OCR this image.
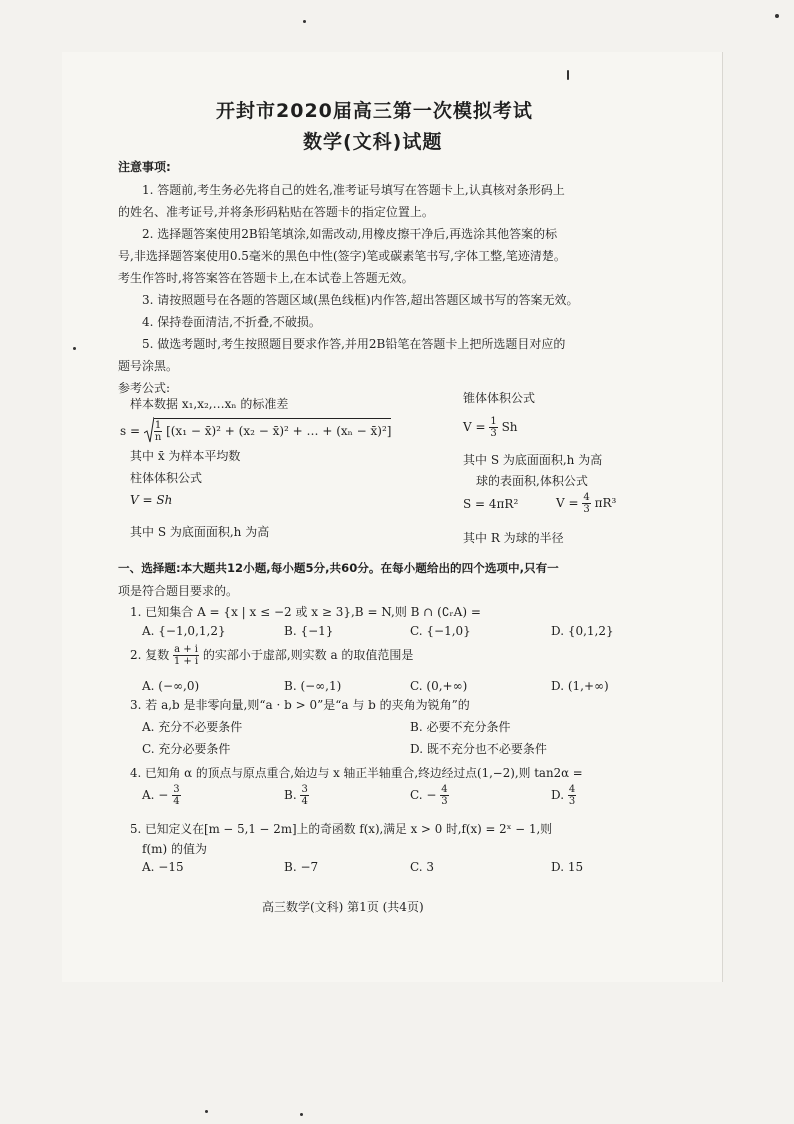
开封市2020届高三第一次模拟考试
数学(文科)试题
注意事项:
1. 答题前,考生务必先将自己的姓名,准考证号填写在答题卡上,认真核对条形码上
的姓名、准考证号,并将条形码粘贴在答题卡的指定位置上。
2. 选择题答案使用2B铅笔填涂,如需改动,用橡皮擦干净后,再选涂其他答案的标
号,非选择题答案使用0.5毫米的黑色中性(签字)笔或碳素笔书写,字体工整,笔迹清楚。
考生作答时,将答案答在答题卡上,在本试卷上答题无效。
3. 请按照题号在各题的答题区域(黑色线框)内作答,超出答题区域书写的答案无效。
4. 保持卷面清洁,不折叠,不破损。
5. 做选考题时,考生按照题目要求作答,并用2B铅笔在答题卡上把所选题目对应的
题号涂黑。
参考公式:
样本数据 x₁,x₂,…xₙ 的标准差
$s = \frac{1}{n} [(x_1$ − x̄)² + (x₂ − x̄)² + … + (xₙ − x̄)²]
其中 x̄ 为样本平均数
柱体体积公式
V = Sh
其中 S 为底面面积,h 为高
锥体体积公式
$V = \frac{1}{3}$ Sh
其中 S 为底面面积,h 为高
球的表面积,体积公式
S = 4πR²	$V = \frac{4}{3} \pi R^3$
其中 R 为球的半径
一、选择题:本大题共12小题,每小题5分,共60分。在每小题给出的四个选项中,只有一
项是符合题目要求的。
1. 已知集合 A = {x | x ≤ −2 或 x ≥ 3},B = N,则 B ∩ (∁ᵣA) =
A. {−1,0,1,2}	B. {−1}	C. {−1,0}	D. {0,1,2}
2. 复数 $\frac{a + i}{1 + i}$ 的实部小于虚部,则实数 a 的取值范围是
A. (−∞,0)	B. (−∞,1)	C. (0,+∞)	D. (1,+∞)
3. 若 a,b 是非零向量,则“a · b > 0”是“a 与 b 的夹角为锐角”的
A. 充分不必要条件	B. 必要不充分条件
C. 充分必要条件	D. 既不充分也不必要条件
4. 已知角 α 的顶点与原点重合,始边与 x 轴正半轴重合,终边经过点(1,−2),则 tan2α =
A. − $\frac{3}{4}$	B. $\frac{3}{4}$	C. − $\frac{4}{3}$	D. $\frac{4}{3}$
5. 已知定义在[m − 5,1 − 2m]上的奇函数 f(x),满足 x > 0 时,f(x) = 2ˣ − 1,则
f(m) 的值为
A. −15	B. −7	C. 3	D. 15
高三数学(文科) 第1页 (共4页)
